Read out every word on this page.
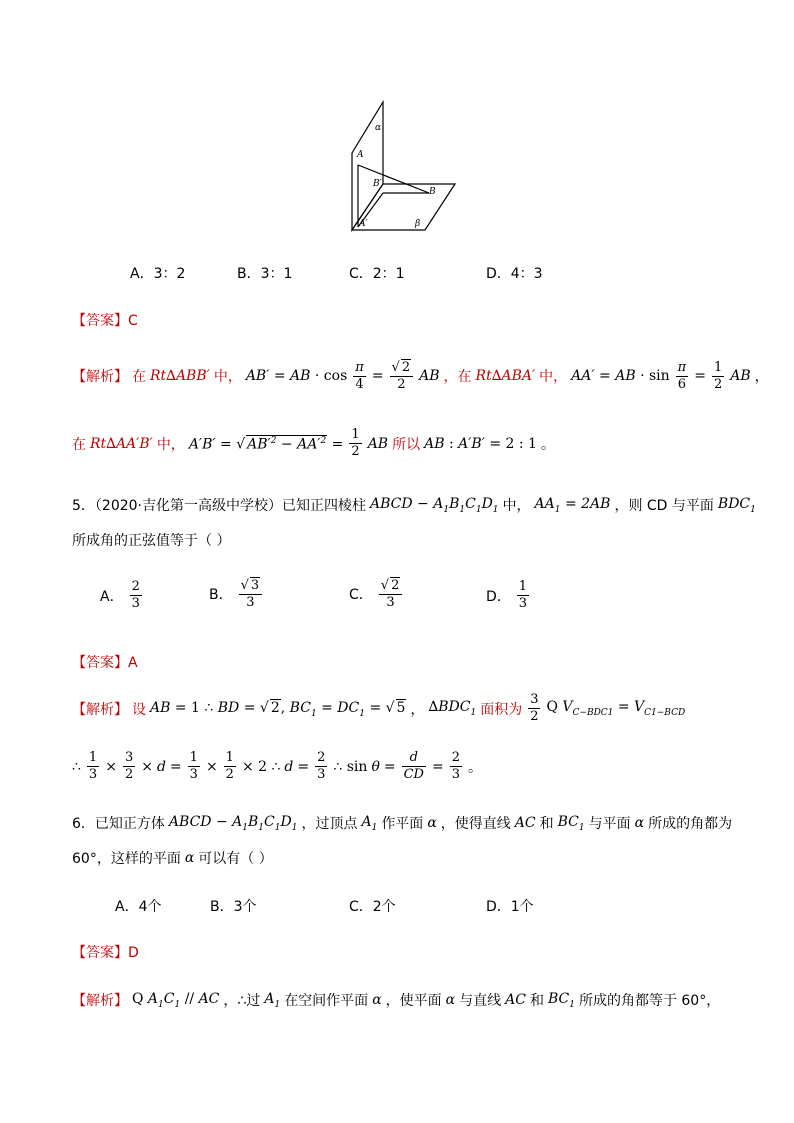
α
A
B′
B
β
A′
A．3：2	B．3：1	C．2：1	D．4：3
【答案】C
【解析】 在 Rt∆ABB′ 中， AB′ = AB · $\cos \frac{\pi}{4} = \frac{√ 2}{2}$ AB ，在 Rt∆ABA′ 中， AA′ = AB · $\sin \frac{\pi}{6} = \frac{1}{2}$ AB ，
在 Rt∆AA′B′ 中， A′B′ = √ $AB'^2 - AA'^2 = \frac{1}{2}$ AB 所以 AB : A′B′ = 2 : 1 。
5．（2020·吉化第一高级中学校）已知正四棱柱 ABCD − $A_1B_1C_1D_1$ 中， $AA_1 = 2AB$ ，则 CD 与平面 $BDC_1$
所成角的正弦值等于（ ）
A． $\frac{2}{3}$	B． $\frac{√ 3}{3}$	C． $\frac{√ 2}{3}$	D． $\frac{1}{3}$
【答案】A
【解析】 设 AB = 1 ∴ BD = √ 2, $BC_1 = DC_1$ = √ 5 ， $\Delta BDC_1$ 面积为 $\frac{3}{2}$ Q $V_{C-BDC1} = V_{C1-BCD}$
∴ $\frac{1}{3} \times \frac{3}{2} \times d = \frac{1}{3} \times \frac{1}{2} \times 2$ ∴ $d = \frac{2}{3}$ ∴ $\sin \theta = \frac{d}{CD} = \frac{2}{3}$ 。
6．已知正方体 ABCD − $A_1B_1C_1D_1$ ，过顶点 $A_1$ 作平面 α ，使得直线 AC 和 $BC_1$ 与平面 α 所成的角都为
60°，这样的平面 α 可以有（ ）
A．4个	B．3个	C．2个	D．1个
【答案】D
【解析】 Q $A_1C_1$ // AC ，∴过 $A_1$ 在空间作平面 α ，使平面 α 与直线 AC 和 $BC_1$ 所成的角都等于 60°，
